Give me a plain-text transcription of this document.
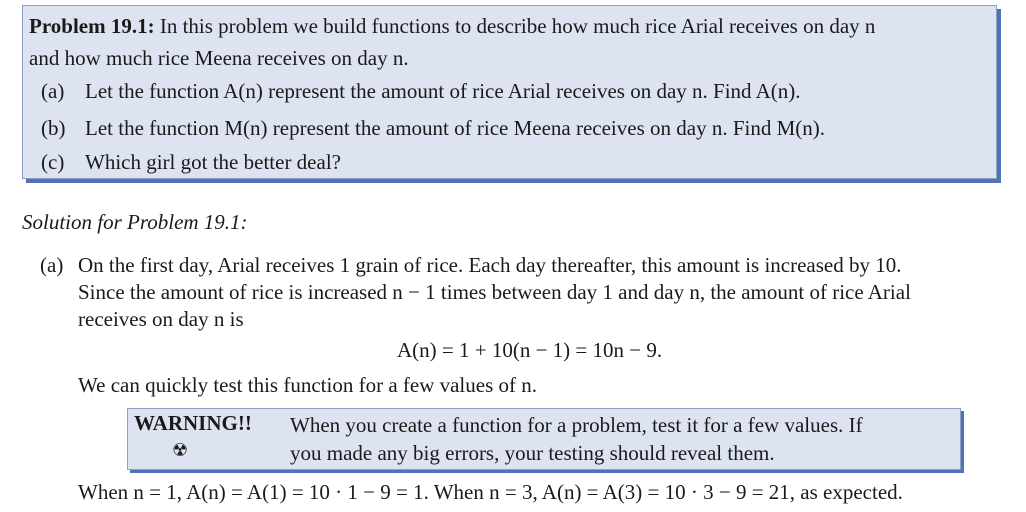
Problem 19.1: In this problem we build functions to describe how much rice Arial receives on day n
and how much rice Meena receives on day n.
(a) Let the function A(n) represent the amount of rice Arial receives on day n. Find A(n).
(b) Let the function M(n) represent the amount of rice Meena receives on day n. Find M(n).
(c) Which girl got the better deal?
Solution for Problem 19.1:
(a) On the first day, Arial receives 1 grain of rice. Each day thereafter, this amount is increased by 10.
Since the amount of rice is increased n − 1 times between day 1 and day n, the amount of rice Arial
receives on day n is
A(n) = 1 + 10(n − 1) = 10n − 9.
We can quickly test this function for a few values of n.
WARNING!!
☢
When you create a function for a problem, test it for a few values. If
you made any big errors, your testing should reveal them.
When n = 1, A(n) = A(1) = 10 · 1 − 9 = 1. When n = 3, A(n) = A(3) = 10 · 3 − 9 = 21, as expected.
